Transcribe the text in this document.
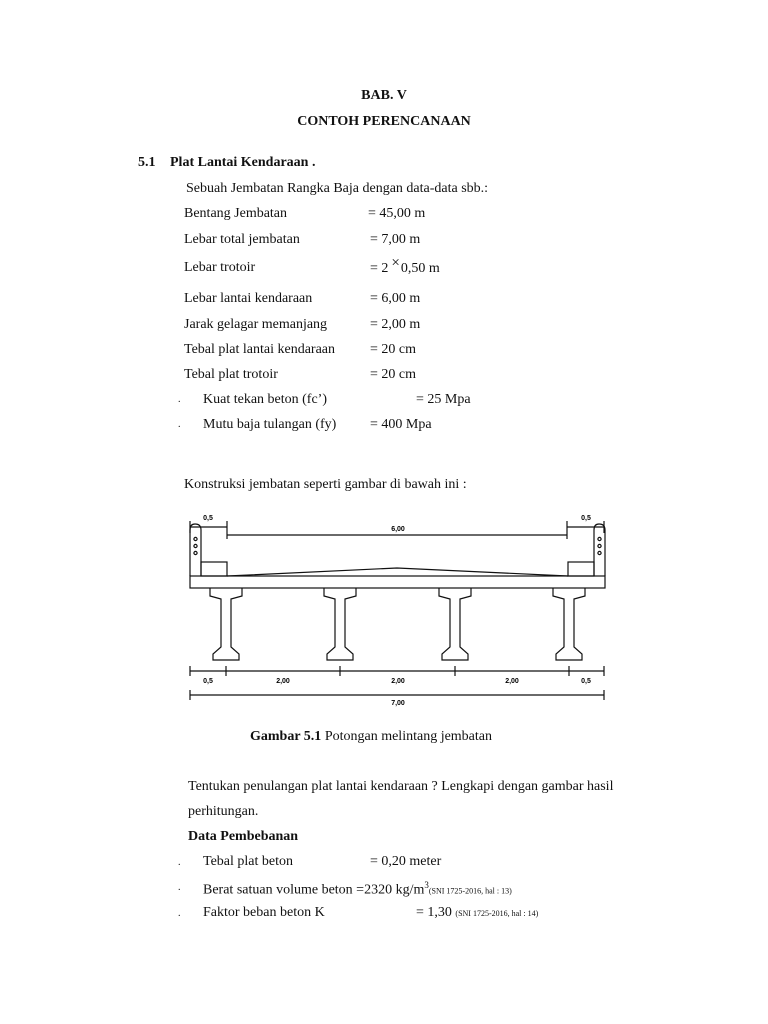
BAB. V
CONTOH PERENCANAAN
5.1 Plat Lantai Kendaraan .
Sebuah Jembatan Rangka Baja dengan data-data sbb.:
Bentang Jembatan	= 45,00 m
Lebar total jembatan	= 7,00 m
Lebar trotoir	= 2 ×0,50 m
Lebar lantai kendaraan	= 6,00 m
Jarak gelagar memanjang	= 2,00 m
Tebal plat lantai kendaraan	= 20 cm
Tebal plat trotoir	= 20 cm
. Kuat tekan beton (fc’)	= 25 Mpa
. Mutu baja tulangan (fy) = 400 Mpa
Konstruksi jembatan seperti gambar di bawah ini :
0,5
6,00
0,5
0,5	2,00	2,00	2,00	0,5
7,00
Gambar 5.1 Potongan melintang jembatan
Tentukan penulangan plat lantai kendaraan ? Lengkapi dengan gambar hasil
perhitungan.
Data Pembebanan
. Tebal plat beton	= 0,20 meter
. Berat satuan volume beton =2320 $kg/m^3(SNI$ 1725-2016, hal : 13)
. Faktor beban beton K	= 1,30 (SNI 1725-2016, hal : 14)
